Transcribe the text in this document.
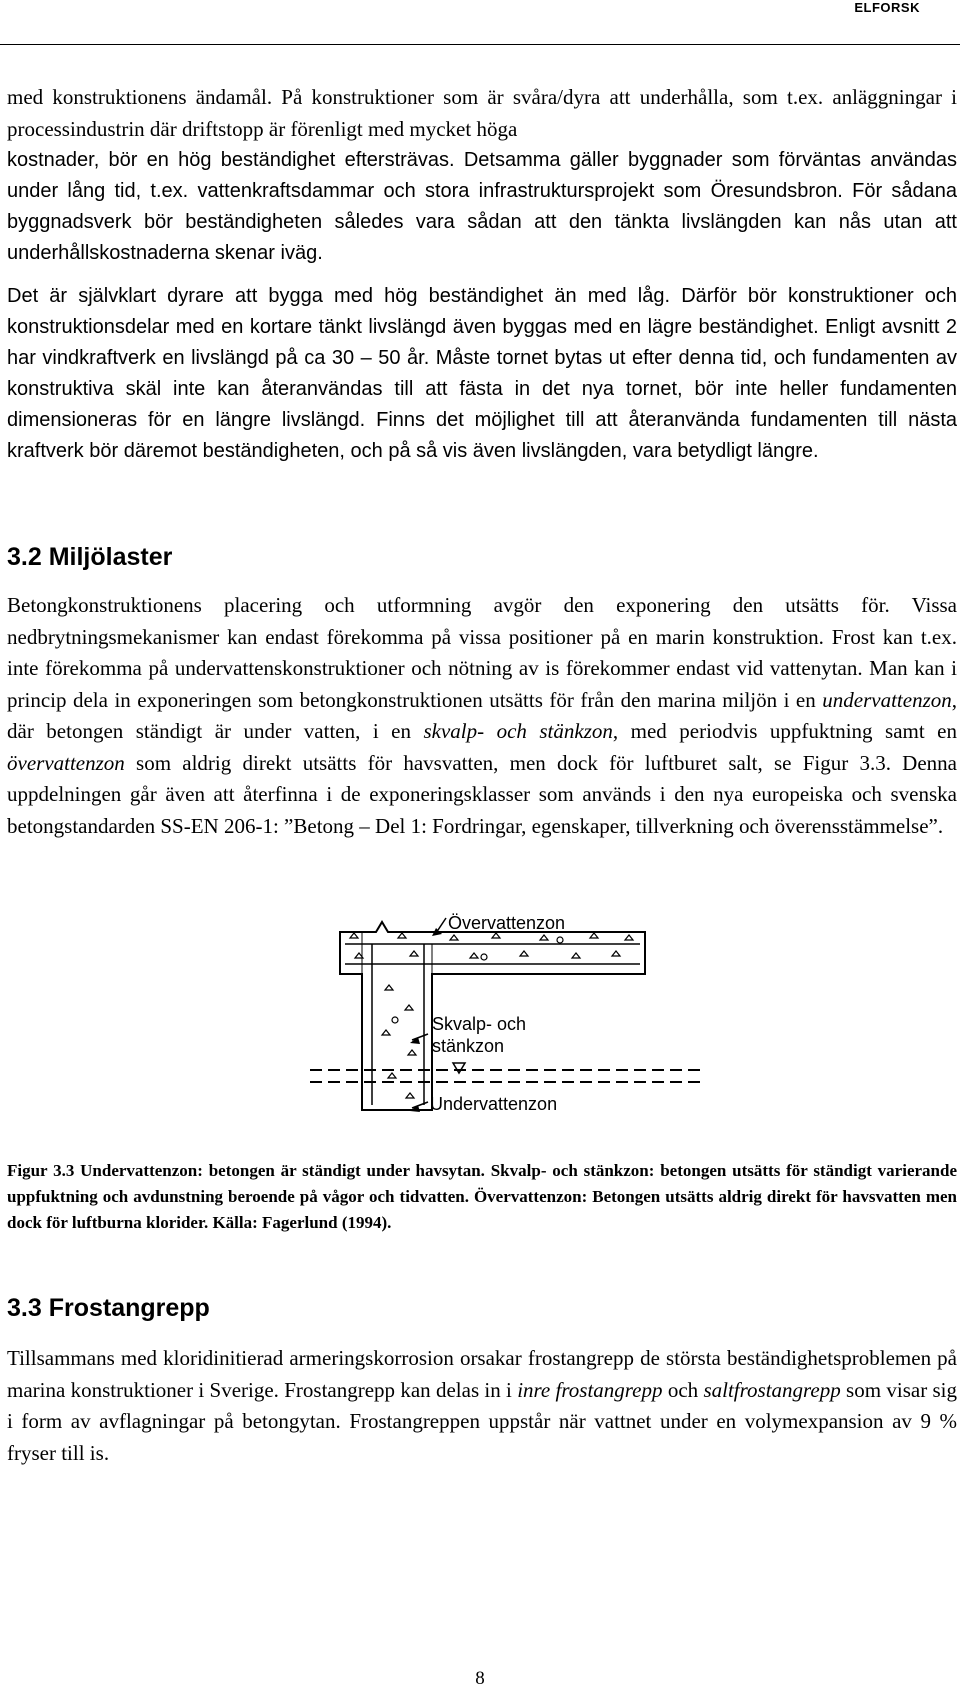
ELFORSK

med konstruktionens ändamål. På konstruktioner som är svåra/dyra att underhålla, som t.ex. anläggningar i processindustrin där driftstopp är förenligt med mycket höga

kostnader, bör en hög beständighet eftersträvas. Detsamma gäller byggnader som förväntas användas under lång tid, t.ex. vattenkraftsdammar och stora infrastruktursprojekt som Öresundsbron. För sådana byggnadsverk bör beständigheten således vara sådan att den tänkta livslängden kan nås utan att underhållskostnaderna skenar iväg.

Det är självklart dyrare att bygga med hög beständighet än med låg. Därför bör konstruktioner och konstruktionsdelar med en kortare tänkt livslängd även byggas med en lägre beständighet. Enligt avsnitt 2 har vindkraftverk en livslängd på ca 30 – 50 år. Måste tornet bytas ut efter denna tid, och fundamenten av konstruktiva skäl inte kan återanvändas till att fästa in det nya tornet, bör inte heller fundamenten dimensioneras för en längre livslängd. Finns det möjlighet till att återanvända fundamenten till nästa kraftverk bör däremot beständigheten, och på så vis även livslängden, vara betydligt längre.

3.2 Miljölaster

Betongkonstruktionens placering och utformning avgör den exponering den utsätts för. Vissa nedbrytningsmekanismer kan endast förekomma på vissa positioner på en marin konstruktion. Frost kan t.ex. inte förekomma på undervattenskonstruktioner och nötning av is förekommer endast vid vattenytan. Man kan i princip dela in exponeringen som betongkonstruktionen utsätts för från den marina miljön i en undervattenzon, där betongen ständigt är under vatten, i en skvalp- och stänkzon, med periodvis uppfuktning samt en övervattenzon som aldrig direkt utsätts för havsvatten, men dock för luftburet salt, se Figur 3.3. Denna uppdelningen går även att återfinna i de exponeringsklasser som används i den nya europeiska och svenska betongstandarden SS-EN 206-1: ”Betong – Del 1: Fordringar, egenskaper, tillverkning och överensstämmelse”.

Övervattenzon
Skvalp- och
stänkzon
Undervattenzon

Figur 3.3 Undervattenzon: betongen är ständigt under havsytan. Skvalp- och stänkzon: betongen utsätts för ständigt varierande uppfuktning och avdunstning beroende på vågor och tidvatten. Övervattenzon: Betongen utsätts aldrig direkt för havsvatten men dock för luftburna klorider. Källa: Fagerlund (1994).

3.3 Frostangrepp

Tillsammans med kloridinitierad armeringskorrosion orsakar frostangrepp de största beständighetsproblemen på marina konstruktioner i Sverige. Frostangrepp kan delas in i inre frostangrepp och saltfrostangrepp som visar sig i form av avflagningar på betongytan. Frostangreppen uppstår när vattnet under en volymexpansion av 9 % fryser till is.

8
